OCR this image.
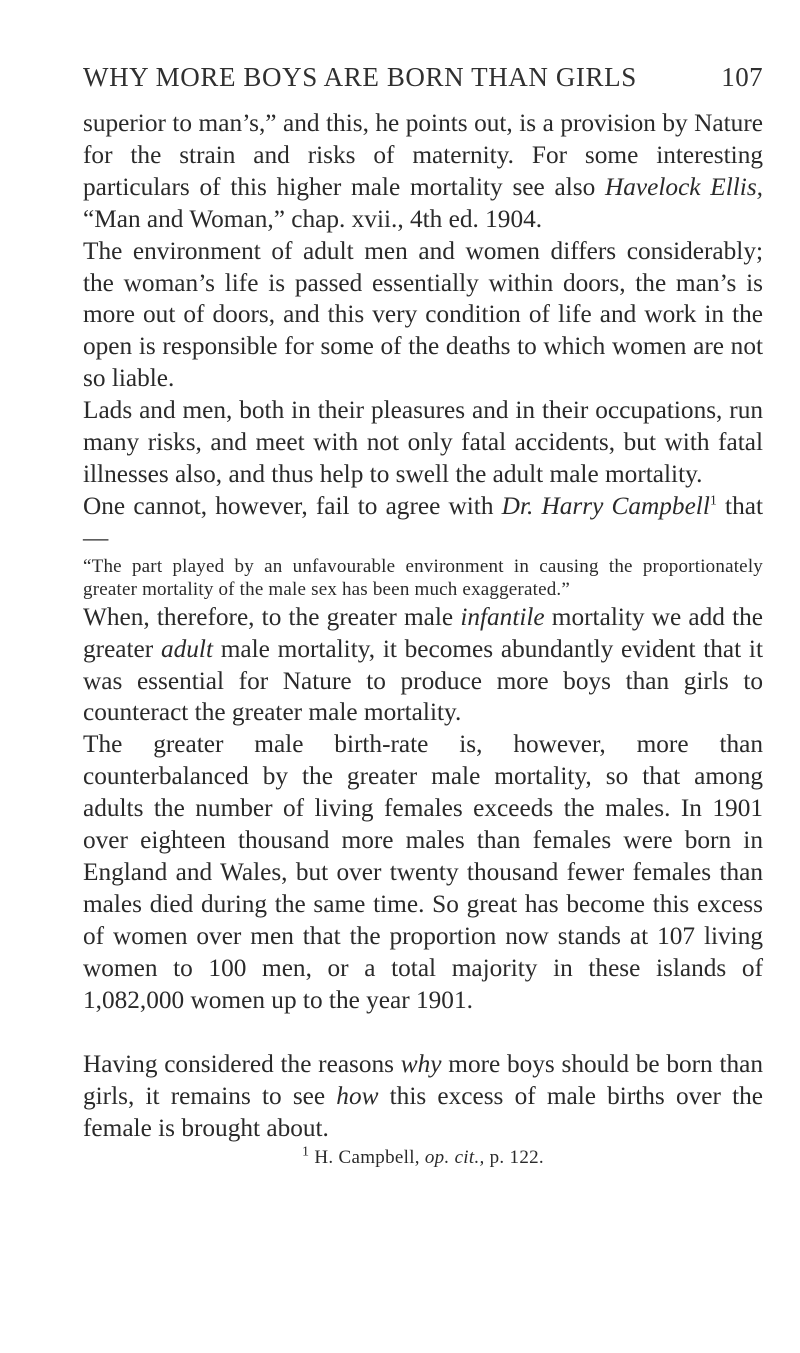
WHY MORE BOYS ARE BORN THAN GIRLS	107

superior to man’s,” and this, he points out, is a provision by Nature for the strain and risks of maternity. For some interesting particulars of this higher male mortality see also Havelock Ellis, “Man and Woman,” chap. xvii., 4th ed. 1904.

The environment of adult men and women differs considerably; the woman’s life is passed essentially within doors, the man’s is more out of doors, and this very condition of life and work in the open is responsible for some of the deaths to which women are not so liable.

Lads and men, both in their pleasures and in their occupations, run many risks, and meet with not only fatal accidents, but with fatal illnesses also, and thus help to swell the adult male mortality.

One cannot, however, fail to agree with Dr. Harry Campbell$^1$ that—

“The part played by an unfavourable environment in causing the proportionately greater mortality of the male sex has been much exaggerated.”

When, therefore, to the greater male infantile mortality we add the greater adult male mortality, it becomes abundantly evident that it was essential for Nature to produce more boys than girls to counteract the greater male mortality.

The greater male birth-rate is, however, more than counterbalanced by the greater male mortality, so that among adults the number of living females exceeds the males. In 1901 over eighteen thousand more males than females were born in England and Wales, but over twenty thousand fewer females than males died during the same time. So great has become this excess of women over men that the proportion now stands at 107 living women to 100 men, or a total majority in these islands of 1,082,000 women up to the year 1901.

Having considered the reasons why more boys should be born than girls, it remains to see how this excess of male births over the female is brought about.

$^1$ H. Campbell, op. cit., p. 122.
